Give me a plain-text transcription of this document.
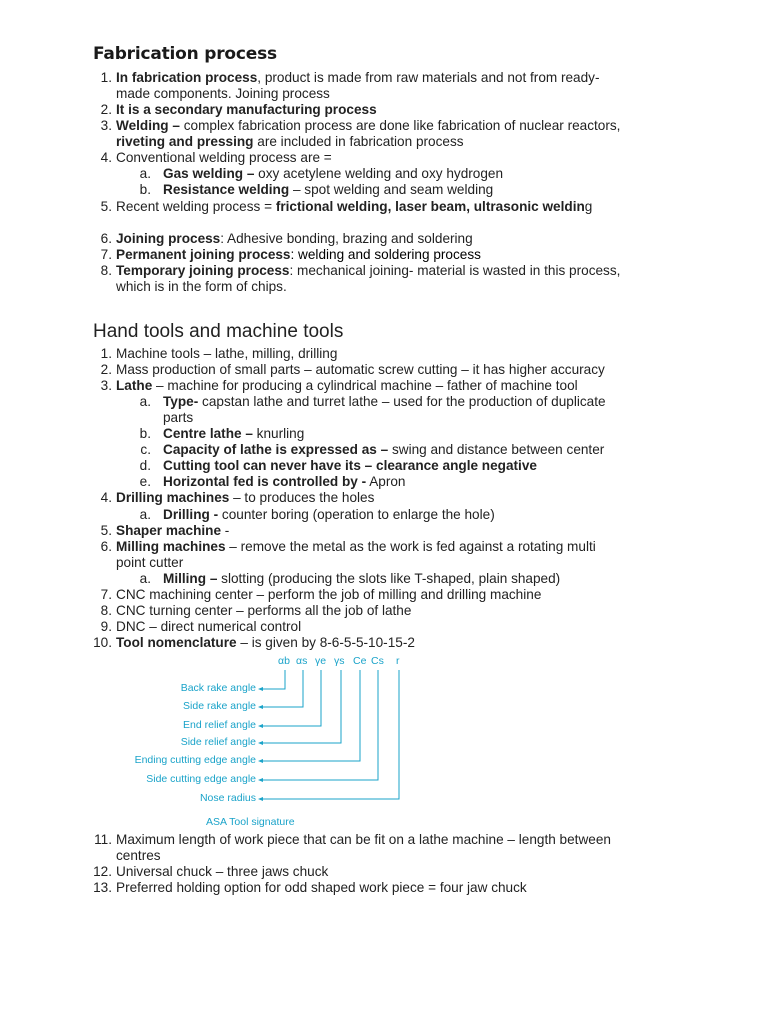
Fabrication process
1. In fabrication process, product is made from raw materials and not from ready-
made components. Joining process
2. It is a secondary manufacturing process
3. Welding – complex fabrication process are done like fabrication of nuclear reactors,
riveting and pressing are included in fabrication process
4. Conventional welding process are =
a. Gas welding – oxy acetylene welding and oxy hydrogen
b. Resistance welding – spot welding and seam welding
5. Recent welding process = frictional welding, laser beam, ultrasonic welding
6. Joining process: Adhesive bonding, brazing and soldering
7. Permanent joining process: welding and soldering process
8. Temporary joining process: mechanical joining- material is wasted in this process,
which is in the form of chips.
Hand tools and machine tools
1. Machine tools – lathe, milling, drilling
2. Mass production of small parts – automatic screw cutting – it has higher accuracy
3. Lathe – machine for producing a cylindrical machine – father of machine tool
a. Type- capstan lathe and turret lathe – used for the production of duplicate
parts
b. Centre lathe – knurling
c. Capacity of lathe is expressed as – swing and distance between center
d. Cutting tool can never have its – clearance angle negative
e. Horizontal fed is controlled by - Apron
4. Drilling machines – to produces the holes
a. Drilling - counter boring (operation to enlarge the hole)
5. Shaper machine -
6. Milling machines – remove the metal as the work is fed against a rotating multi
point cutter
a. Milling – slotting (producing the slots like T-shaped, plain shaped)
7. CNC machining center – perform the job of milling and drilling machine
8. CNC turning center – performs all the job of lathe
9. DNC – direct numerical control
10. Tool nomenclature – is given by 8-6-5-5-10-15-2
αb αs γe γs Ce Cs r
Back rake angle
Side rake angle
End relief angle
Side relief angle
Ending cutting edge angle
Side cutting edge angle
Nose radius
ASA Tool signature
11. Maximum length of work piece that can be fit on a lathe machine – length between
centres
12. Universal chuck – three jaws chuck
13. Preferred holding option for odd shaped work piece = four jaw chuck
